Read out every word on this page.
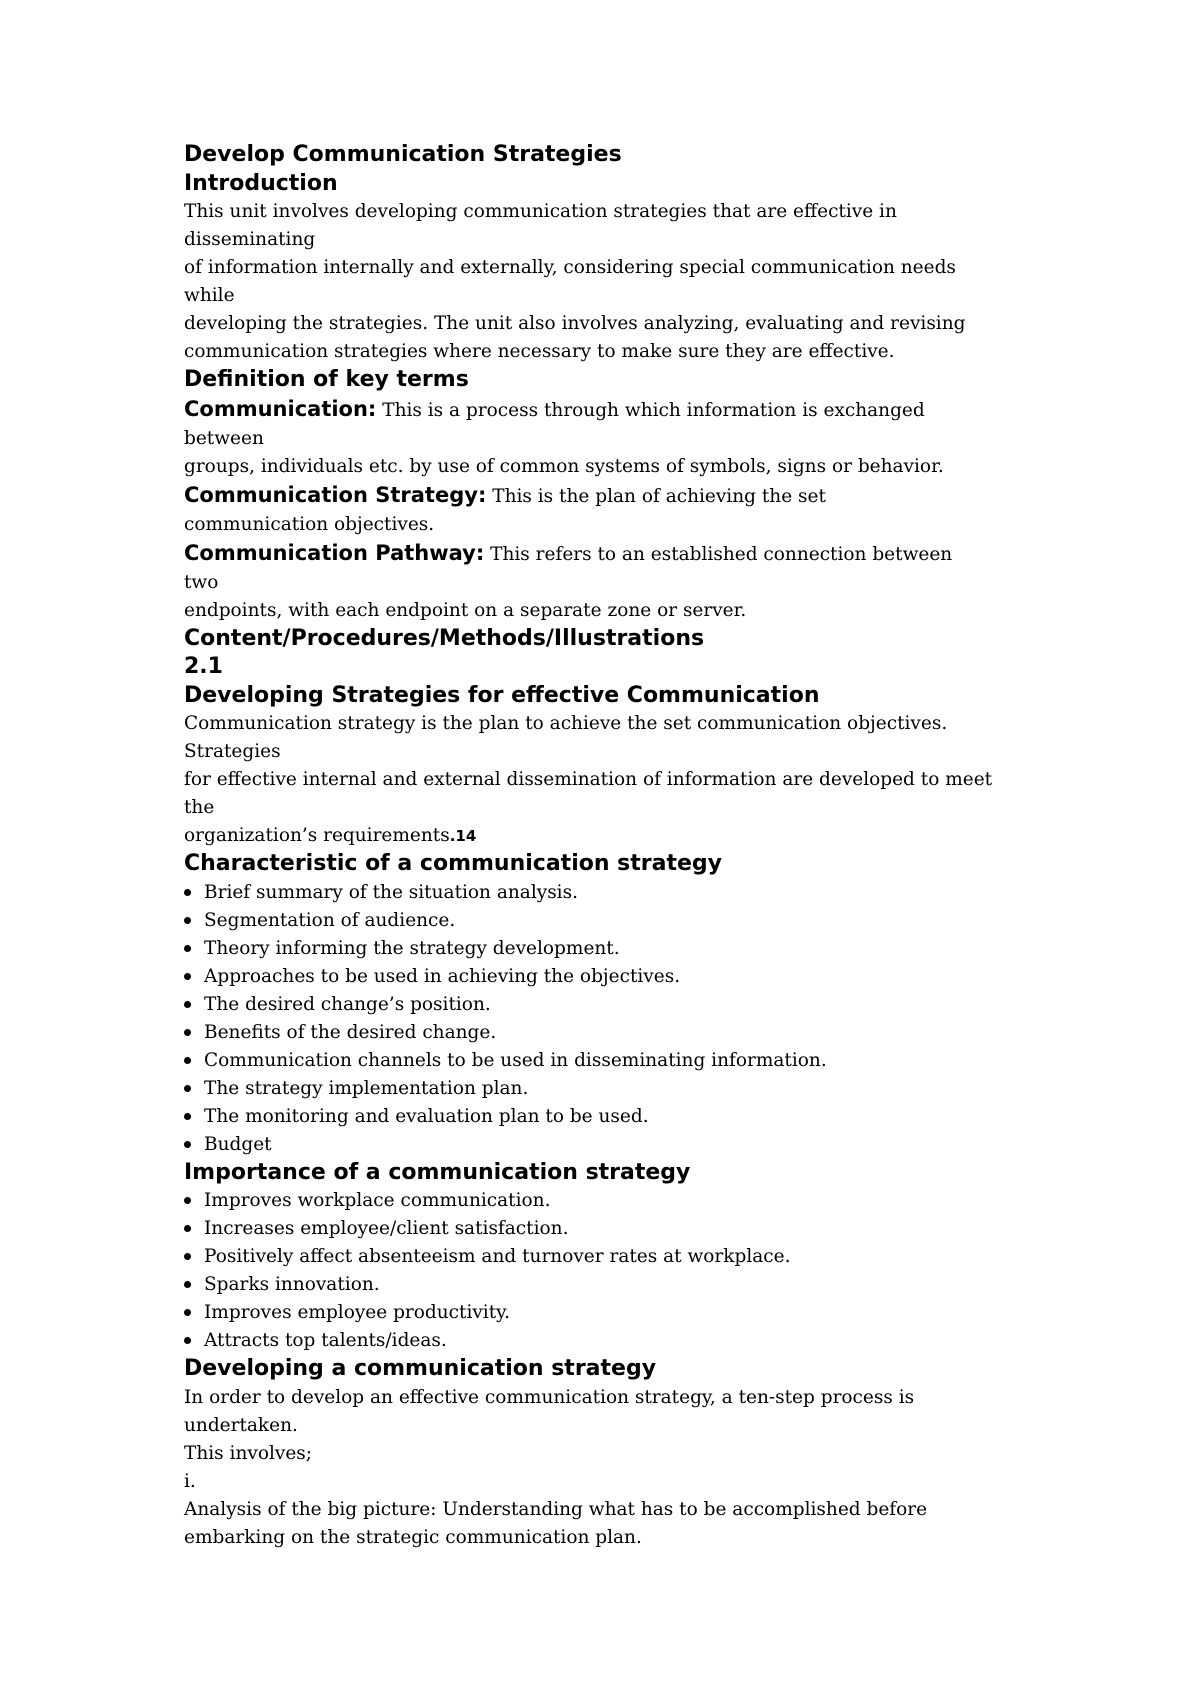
Develop Communication Strategies
Introduction
This unit involves developing communication strategies that are effective in
disseminating
of information internally and externally, considering special communication needs
while
developing the strategies. The unit also involves analyzing, evaluating and revising
communication strategies where necessary to make sure they are effective.
Definition of key terms
Communication: This is a process through which information is exchanged
between
groups, individuals etc. by use of common systems of symbols, signs or behavior.
Communication Strategy: This is the plan of achieving the set
communication objectives.
Communication Pathway: This refers to an established connection between
two
endpoints, with each endpoint on a separate zone or server.
Content/Procedures/Methods/Illustrations
2.1
Developing Strategies for effective Communication
Communication strategy is the plan to achieve the set communication objectives.
Strategies
for effective internal and external dissemination of information are developed to meet
the
organization’s requirements.14
Characteristic of a communication strategy
Brief summary of the situation analysis.
Segmentation of audience.
Theory informing the strategy development.
Approaches to be used in achieving the objectives.
The desired change’s position.
Benefits of the desired change.
Communication channels to be used in disseminating information.
The strategy implementation plan.
The monitoring and evaluation plan to be used.
Budget
Importance of a communication strategy
Improves workplace communication.
Increases employee/client satisfaction.
Positively affect absenteeism and turnover rates at workplace.
Sparks innovation.
Improves employee productivity.
Attracts top talents/ideas.
Developing a communication strategy
In order to develop an effective communication strategy, a ten-step process is
undertaken.
This involves;
i.
Analysis of the big picture: Understanding what has to be accomplished before
embarking on the strategic communication plan.
